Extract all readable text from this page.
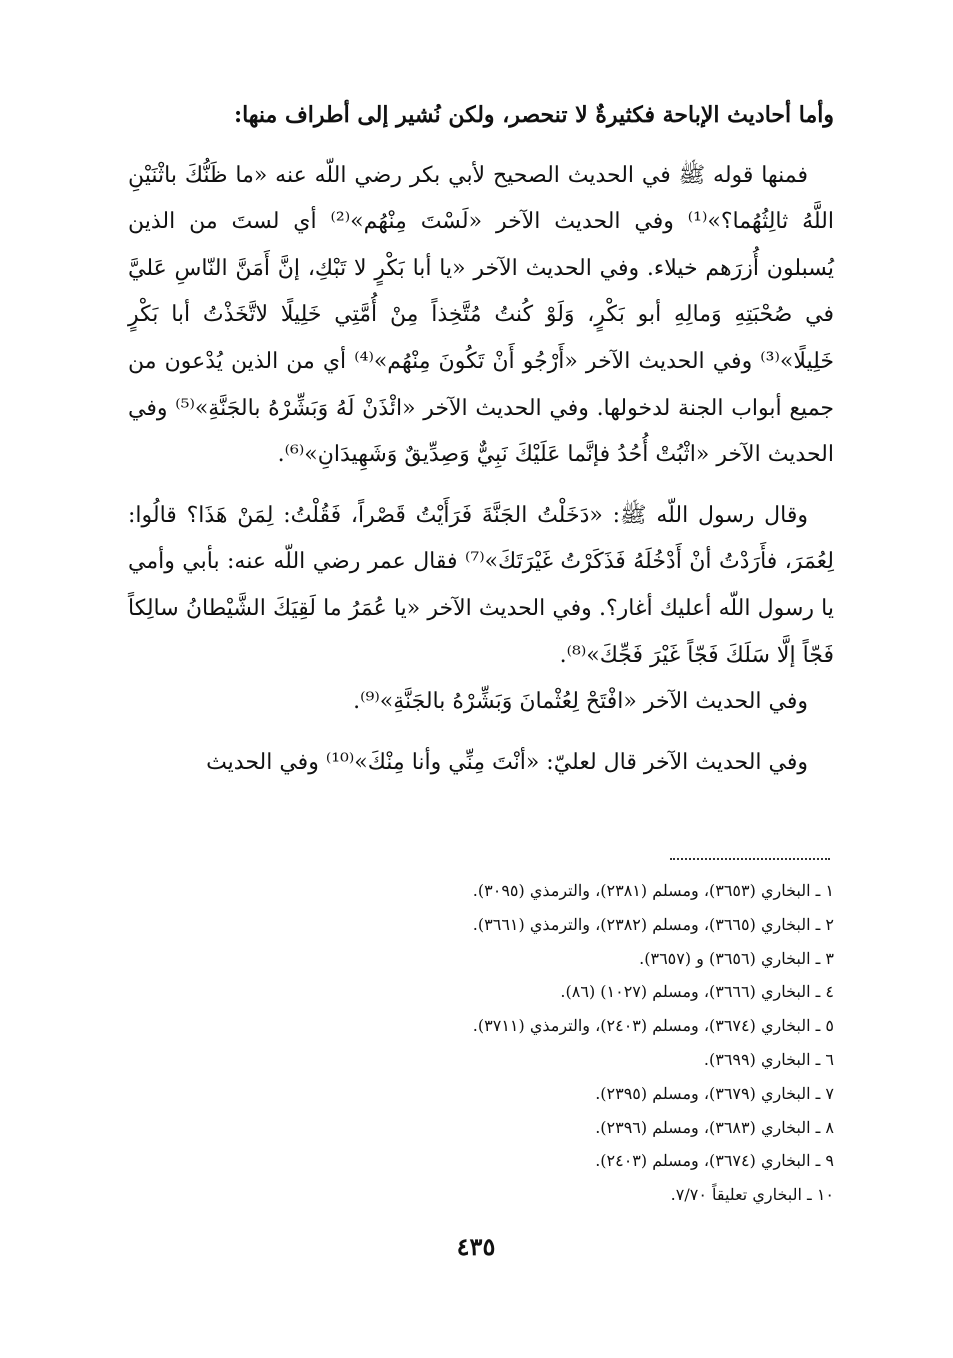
وأما أحاديث الإباحة فكثيرةٌ لا تنحصر، ولكن نُشير إلى أطراف منها:

فمنها قوله ﷺ في الحديث الصحيح لأبي بكر رضي اللّه عنه «ما ظَنُّكَ باثْنَيْنِ اللَّهُ ثالِثُهُما؟»⁽¹⁾ وفي الحديث الآخر «لَسْتَ مِنْهُم»⁽²⁾ أي لستَ من الذين يُسبلون أُزرَهم خيلاء. وفي الحديث الآخر «يا أبا بَكْرٍ لا تَبْكِ، إنَّ أَمَنَّ النّاسِ عَليَّ في صُحْبَتِهِ وَمالِهِ أبو بَكْرٍ، وَلَوْ كُنتُ مُتَّخِذاً مِنْ أُمَّتِي خَلِيلًا لاتَّخَذْتُ أبا بَكْرٍ خَلِيلًا»⁽³⁾ وفي الحديث الآخر «أَرْجُو أَنْ تَكُونَ مِنْهُم»⁽⁴⁾ أي من الذين يُدْعون من جميع أبواب الجنة لدخولها. وفي الحديث الآخر «ائْذَنْ لَهُ وَبَشِّرْهُ بالجَنَّةِ»⁽⁵⁾ وفي الحديث الآخر «اثْبُتْ أُحُدُ فإنَّما عَلَيْكَ نَبِيٌّ وَصِدِّيقٌ وَشَهِيدَانِ»⁽⁶⁾.

وقال رسول اللّه ﷺ: «دَخَلْتُ الجَنَّةَ فَرَأَيْتُ قَصْراً، فَقُلْتُ: لِمَنْ هَذَا؟ قالُوا: لِعُمَرَ، فأَرَدْتُ أنْ أَدْخُلَهُ فَذَكَرْتُ غَيْرَتَكَ»⁽⁷⁾ فقال عمر رضي اللّه عنه: بأبي وأمي يا رسول اللّه أعليك أغار؟. وفي الحديث الآخر «يا عُمَرُ ما لَقِيَكَ الشَّيْطانُ سالِكاً فَجّاً إلَّا سَلَكَ فَجّاً غَيْرَ فَجِّكَ»⁽⁸⁾.

وفي الحديث الآخر «افْتَحْ لِعُثْمانَ وَبَشِّرْهُ بالجَنَّةِ»⁽⁹⁾.

وفي الحديث الآخر قال لعليّ: «أنْتَ مِنِّي وأنا مِنْكَ»⁽¹⁰⁾ وفي الحديث

١ ـ البخاري (٣٦٥٣)، ومسلم (٢٣٨١)، والترمذي (٣٠٩٥).
٢ ـ البخاري (٣٦٦٥)، ومسلم (٢٣٨٢)، والترمذي (٣٦٦١).
٣ ـ البخاري (٣٦٥٦) و (٣٦٥٧).
٤ ـ البخاري (٣٦٦٦)، ومسلم (١٠٢٧) (٨٦).
٥ ـ البخاري (٣٦٧٤)، ومسلم (٢٤٠٣)، والترمذي (٣٧١١).
٦ ـ البخاري (٣٦٩٩).
٧ ـ البخاري (٣٦٧٩)، ومسلم (٢٣٩٥).
٨ ـ البخاري (٣٦٨٣)، ومسلم (٢٣٩٦).
٩ ـ البخاري (٣٦٧٤)، ومسلم (٢٤٠٣).
١٠ ـ البخاري تعليقاً ٧/٧٠.
٤٣٥
